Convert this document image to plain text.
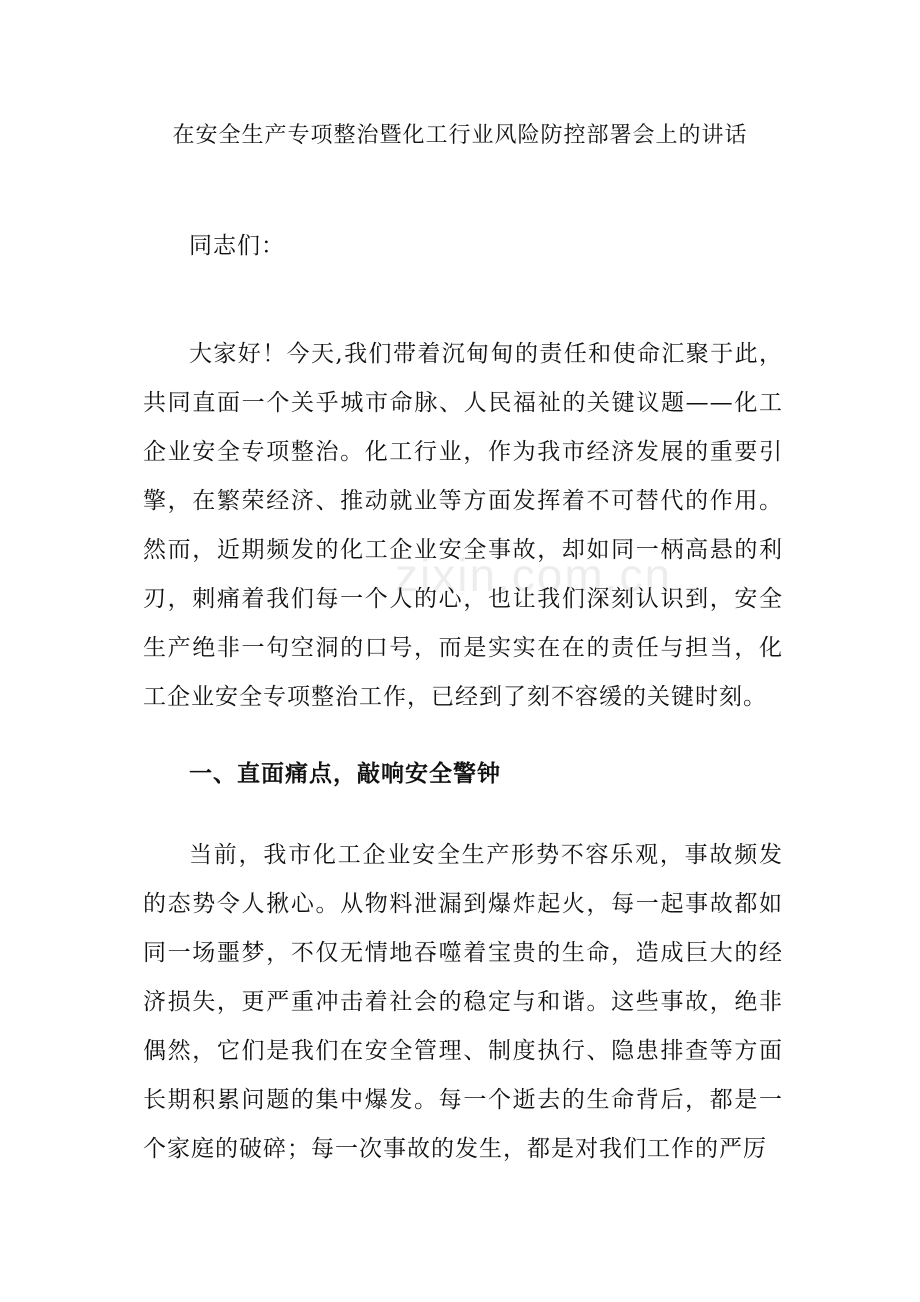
在安全生产专项整治暨化工行业风险防控部署会上的讲话

同志们：

大家好！今天,我们带着沉甸甸的责任和使命汇聚于此，共同直面一个关乎城市命脉、人民福祉的关键议题——化工企业安全专项整治。化工行业，作为我市经济发展的重要引擎，在繁荣经济、推动就业等方面发挥着不可替代的作用。然而，近期频发的化工企业安全事故，却如同一柄高悬的利刃，刺痛着我们每一个人的心，也让我们深刻认识到，安全生产绝非一句空洞的口号，而是实实在在的责任与担当，化工企业安全专项整治工作，已经到了刻不容缓的关键时刻。

一、直面痛点，敲响安全警钟

当前，我市化工企业安全生产形势不容乐观，事故频发的态势令人揪心。从物料泄漏到爆炸起火，每一起事故都如同一场噩梦，不仅无情地吞噬着宝贵的生命，造成巨大的经济损失，更严重冲击着社会的稳定与和谐。这些事故，绝非偶然，它们是我们在安全管理、制度执行、隐患排查等方面长期积累问题的集中爆发。每一个逝去的生命背后，都是一个家庭的破碎；每一次事故的发生，都是对我们工作的严厉

zixin.com.cn
